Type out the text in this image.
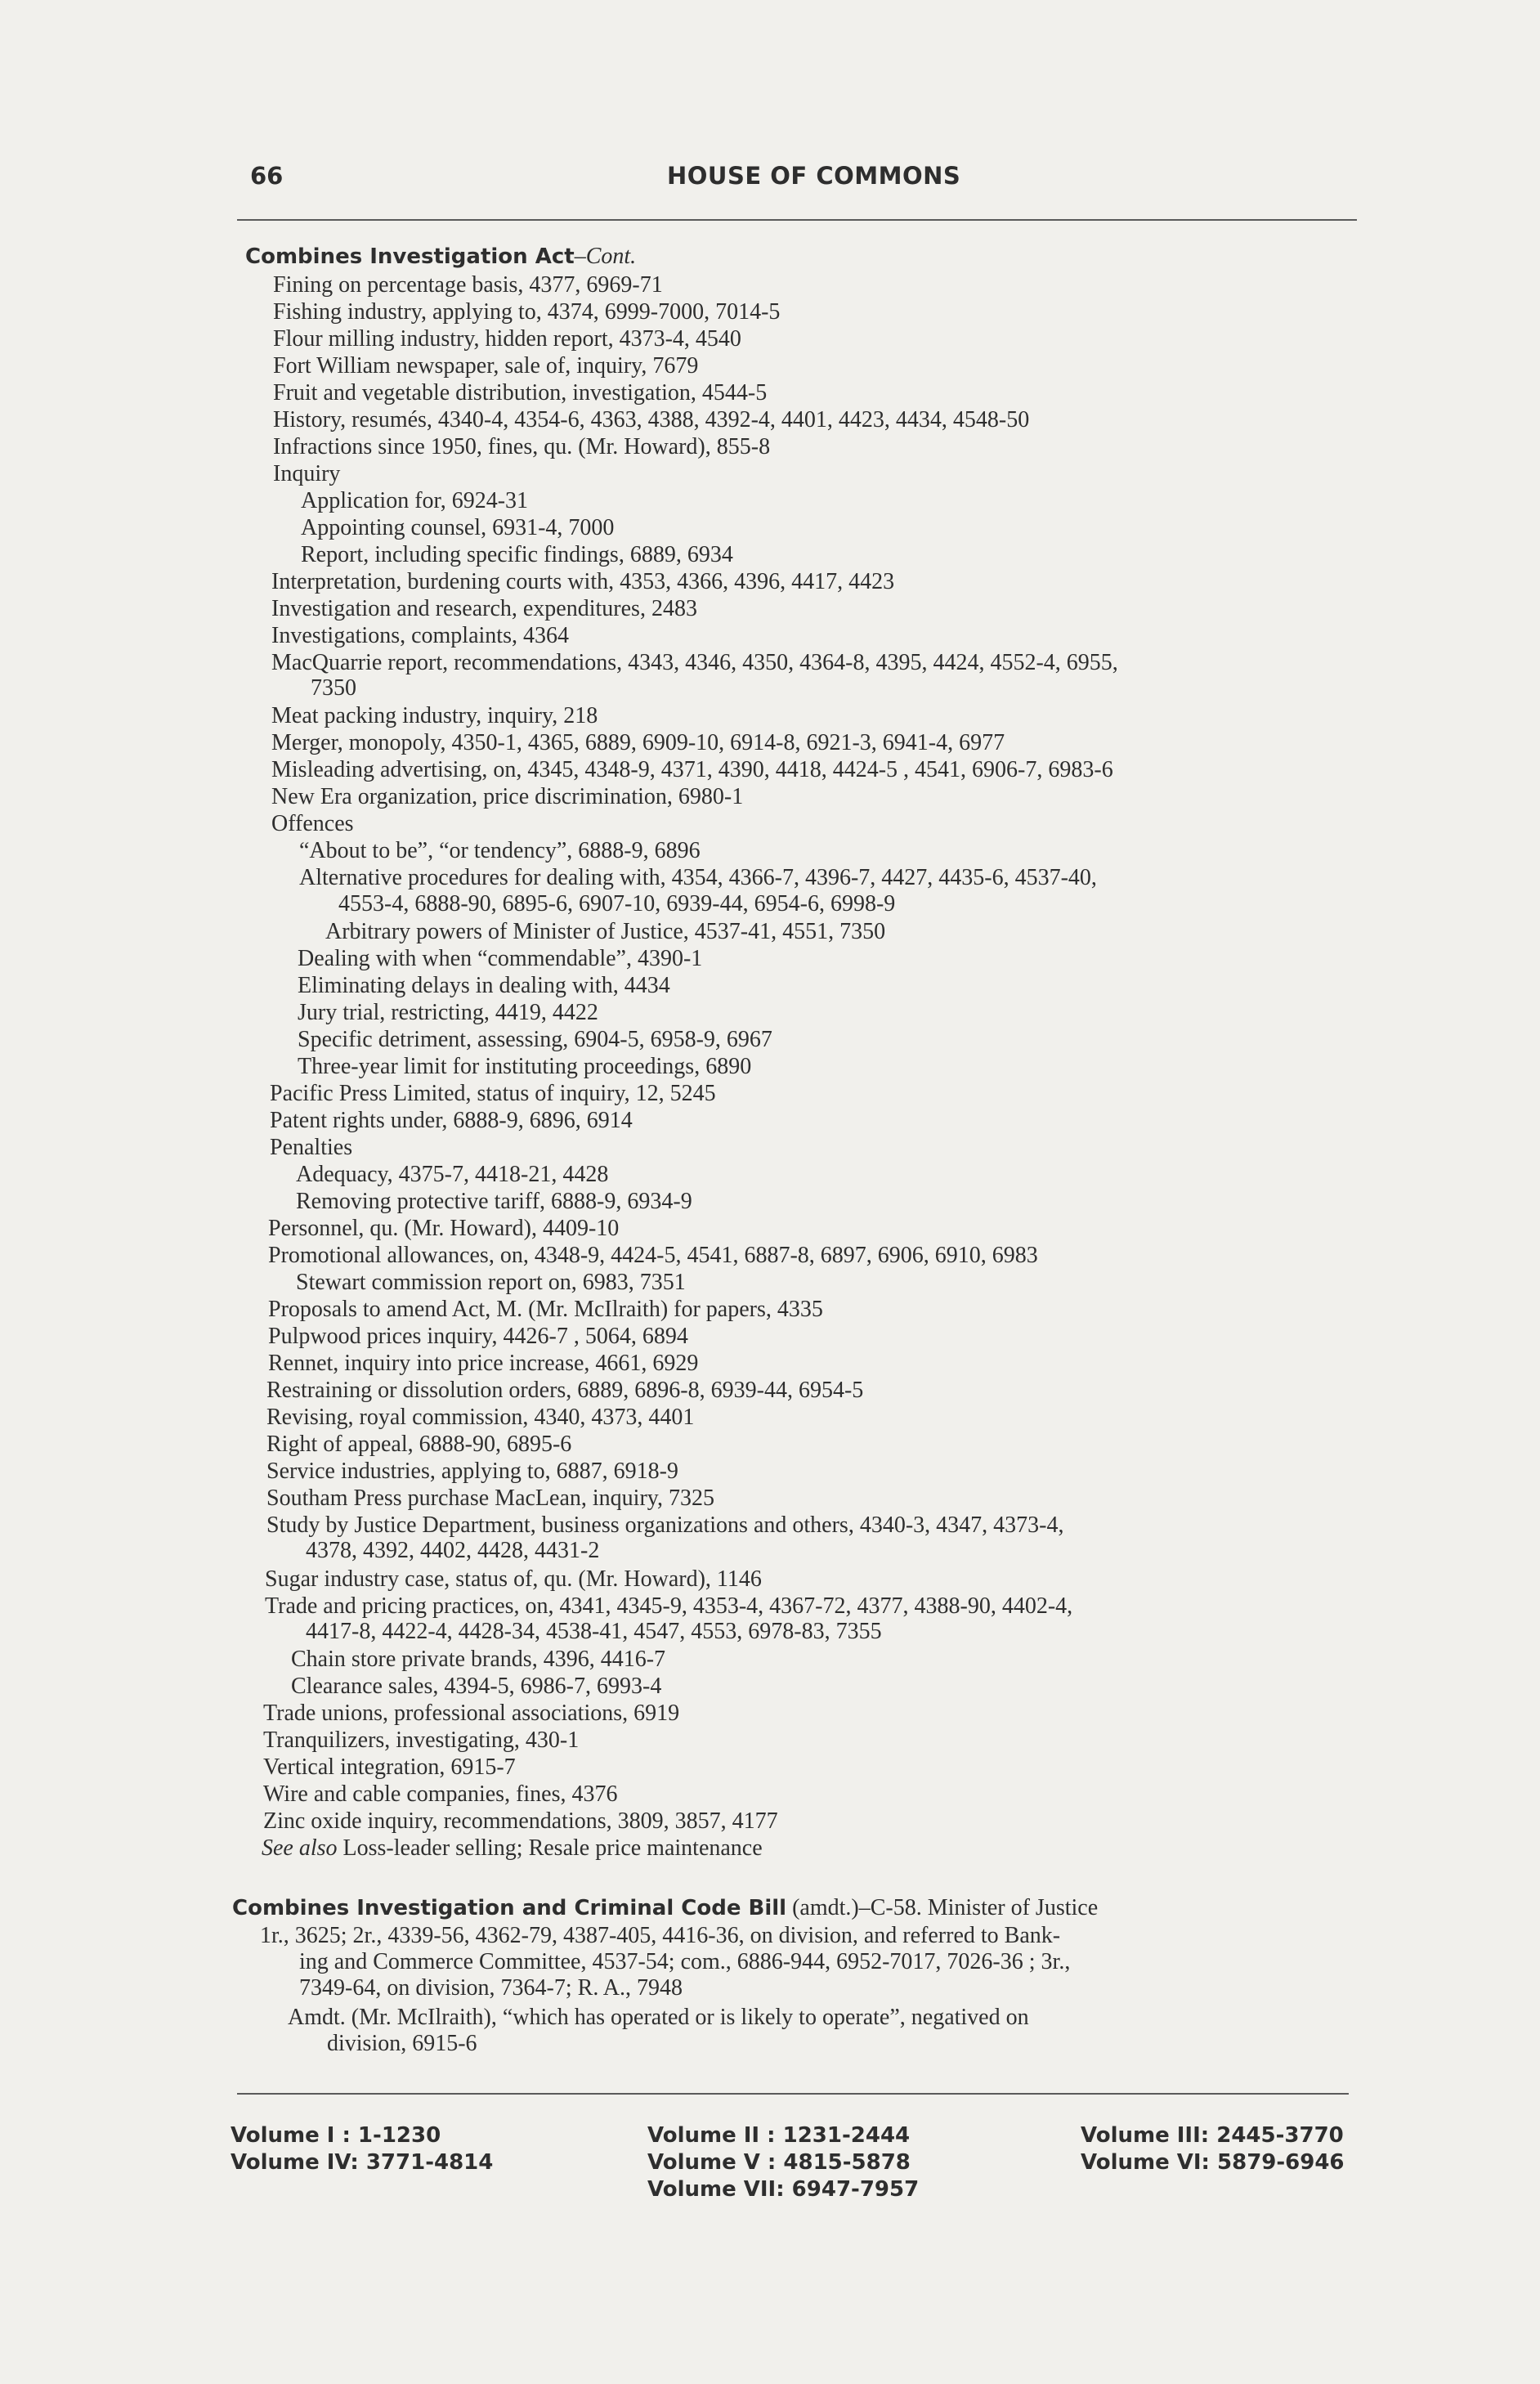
66	HOUSE OF COMMONS
Combines Investigation Act–Cont.
Fining on percentage basis, 4377, 6969-71
Fishing industry, applying to, 4374, 6999-7000, 7014-5
Flour milling industry, hidden report, 4373-4, 4540
Fort William newspaper, sale of, inquiry, 7679
Fruit and vegetable distribution, investigation, 4544-5
History, resumés, 4340-4, 4354-6, 4363, 4388, 4392-4, 4401, 4423, 4434, 4548-50
Infractions since 1950, fines, qu. (Mr. Howard), 855-8
Inquiry
Application for, 6924-31
Appointing counsel, 6931-4, 7000
Report, including specific findings, 6889, 6934
Interpretation, burdening courts with, 4353, 4366, 4396, 4417, 4423
Investigation and research, expenditures, 2483
Investigations, complaints, 4364
MacQuarrie report, recommendations, 4343, 4346, 4350, 4364-8, 4395, 4424, 4552-4, 6955,
7350
Meat packing industry, inquiry, 218
Merger, monopoly, 4350-1, 4365, 6889, 6909-10, 6914-8, 6921-3, 6941-4, 6977
Misleading advertising, on, 4345, 4348-9, 4371, 4390, 4418, 4424-5 , 4541, 6906-7, 6983-6
New Era organization, price discrimination, 6980-1
Offences
“About to be”, “or tendency”, 6888-9, 6896
Alternative procedures for dealing with, 4354, 4366-7, 4396-7, 4427, 4435-6, 4537-40,
4553-4, 6888-90, 6895-6, 6907-10, 6939-44, 6954-6, 6998-9
Arbitrary powers of Minister of Justice, 4537-41, 4551, 7350
Dealing with when “commendable”, 4390-1
Eliminating delays in dealing with, 4434
Jury trial, restricting, 4419, 4422
Specific detriment, assessing, 6904-5, 6958-9, 6967
Three-year limit for instituting proceedings, 6890
Pacific Press Limited, status of inquiry, 12, 5245
Patent rights under, 6888-9, 6896, 6914
Penalties
Adequacy, 4375-7, 4418-21, 4428
Removing protective tariff, 6888-9, 6934-9
Personnel, qu. (Mr. Howard), 4409-10
Promotional allowances, on, 4348-9, 4424-5, 4541, 6887-8, 6897, 6906, 6910, 6983
Stewart commission report on, 6983, 7351
Proposals to amend Act, M. (Mr. McIlraith) for papers, 4335
Pulpwood prices inquiry, 4426-7 , 5064, 6894
Rennet, inquiry into price increase, 4661, 6929
Restraining or dissolution orders, 6889, 6896-8, 6939-44, 6954-5
Revising, royal commission, 4340, 4373, 4401
Right of appeal, 6888-90, 6895-6
Service industries, applying to, 6887, 6918-9
Southam Press purchase MacLean, inquiry, 7325
Study by Justice Department, business organizations and others, 4340-3, 4347, 4373-4,
4378, 4392, 4402, 4428, 4431-2
Sugar industry case, status of, qu. (Mr. Howard), 1146
Trade and pricing practices, on, 4341, 4345-9, 4353-4, 4367-72, 4377, 4388-90, 4402-4,
4417-8, 4422-4, 4428-34, 4538-41, 4547, 4553, 6978-83, 7355
Chain store private brands, 4396, 4416-7
Clearance sales, 4394-5, 6986-7, 6993-4
Trade unions, professional associations, 6919
Tranquilizers, investigating, 430-1
Vertical integration, 6915-7
Wire and cable companies, fines, 4376
Zinc oxide inquiry, recommendations, 3809, 3857, 4177
See also Loss-leader selling; Resale price maintenance
Combines Investigation and Criminal Code Bill (amdt.)–C-58. Minister of Justice
1r., 3625; 2r., 4339-56, 4362-79, 4387-405, 4416-36, on division, and referred to Bank-
ing and Commerce Committee, 4537-54; com., 6886-944, 6952-7017, 7026-36 ; 3r.,
7349-64, on division, 7364-7; R. A., 7948
Amdt. (Mr. McIlraith), “which has operated or is likely to operate”, negatived on
division, 6915-6
Volume I : 1-1230
Volume IV: 3771-4814
Volume II : 1231-2444
Volume V : 4815-5878
Volume VII: 6947-7957
Volume III: 2445-3770
Volume VI: 5879-6946
